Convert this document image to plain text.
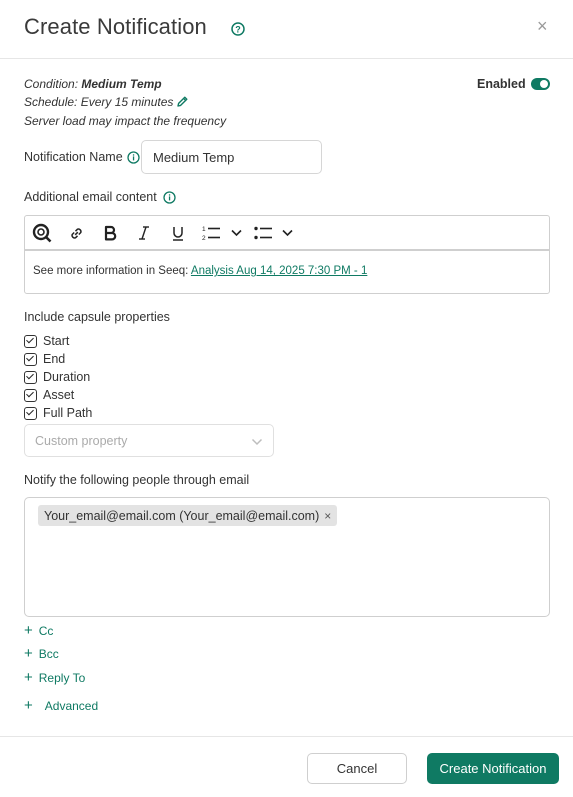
Create Notification	?	×
Condition: Medium Temp
Schedule: Every 15 minutes
Server load may impact the frequency
Enabled
Notification Name
Medium Temp
Additional email content
1
2
See more information in Seeq: Analysis Aug 14, 2025 7:30 PM - 1
Include capsule properties
Start
End
Duration
Asset
Full Path
Custom property
Notify the following people through email
Your_email@email.com (Your_email@email.com) ×
+ Cc
+ Bcc
+ Reply To
+ Advanced
Cancel	Create Notification
